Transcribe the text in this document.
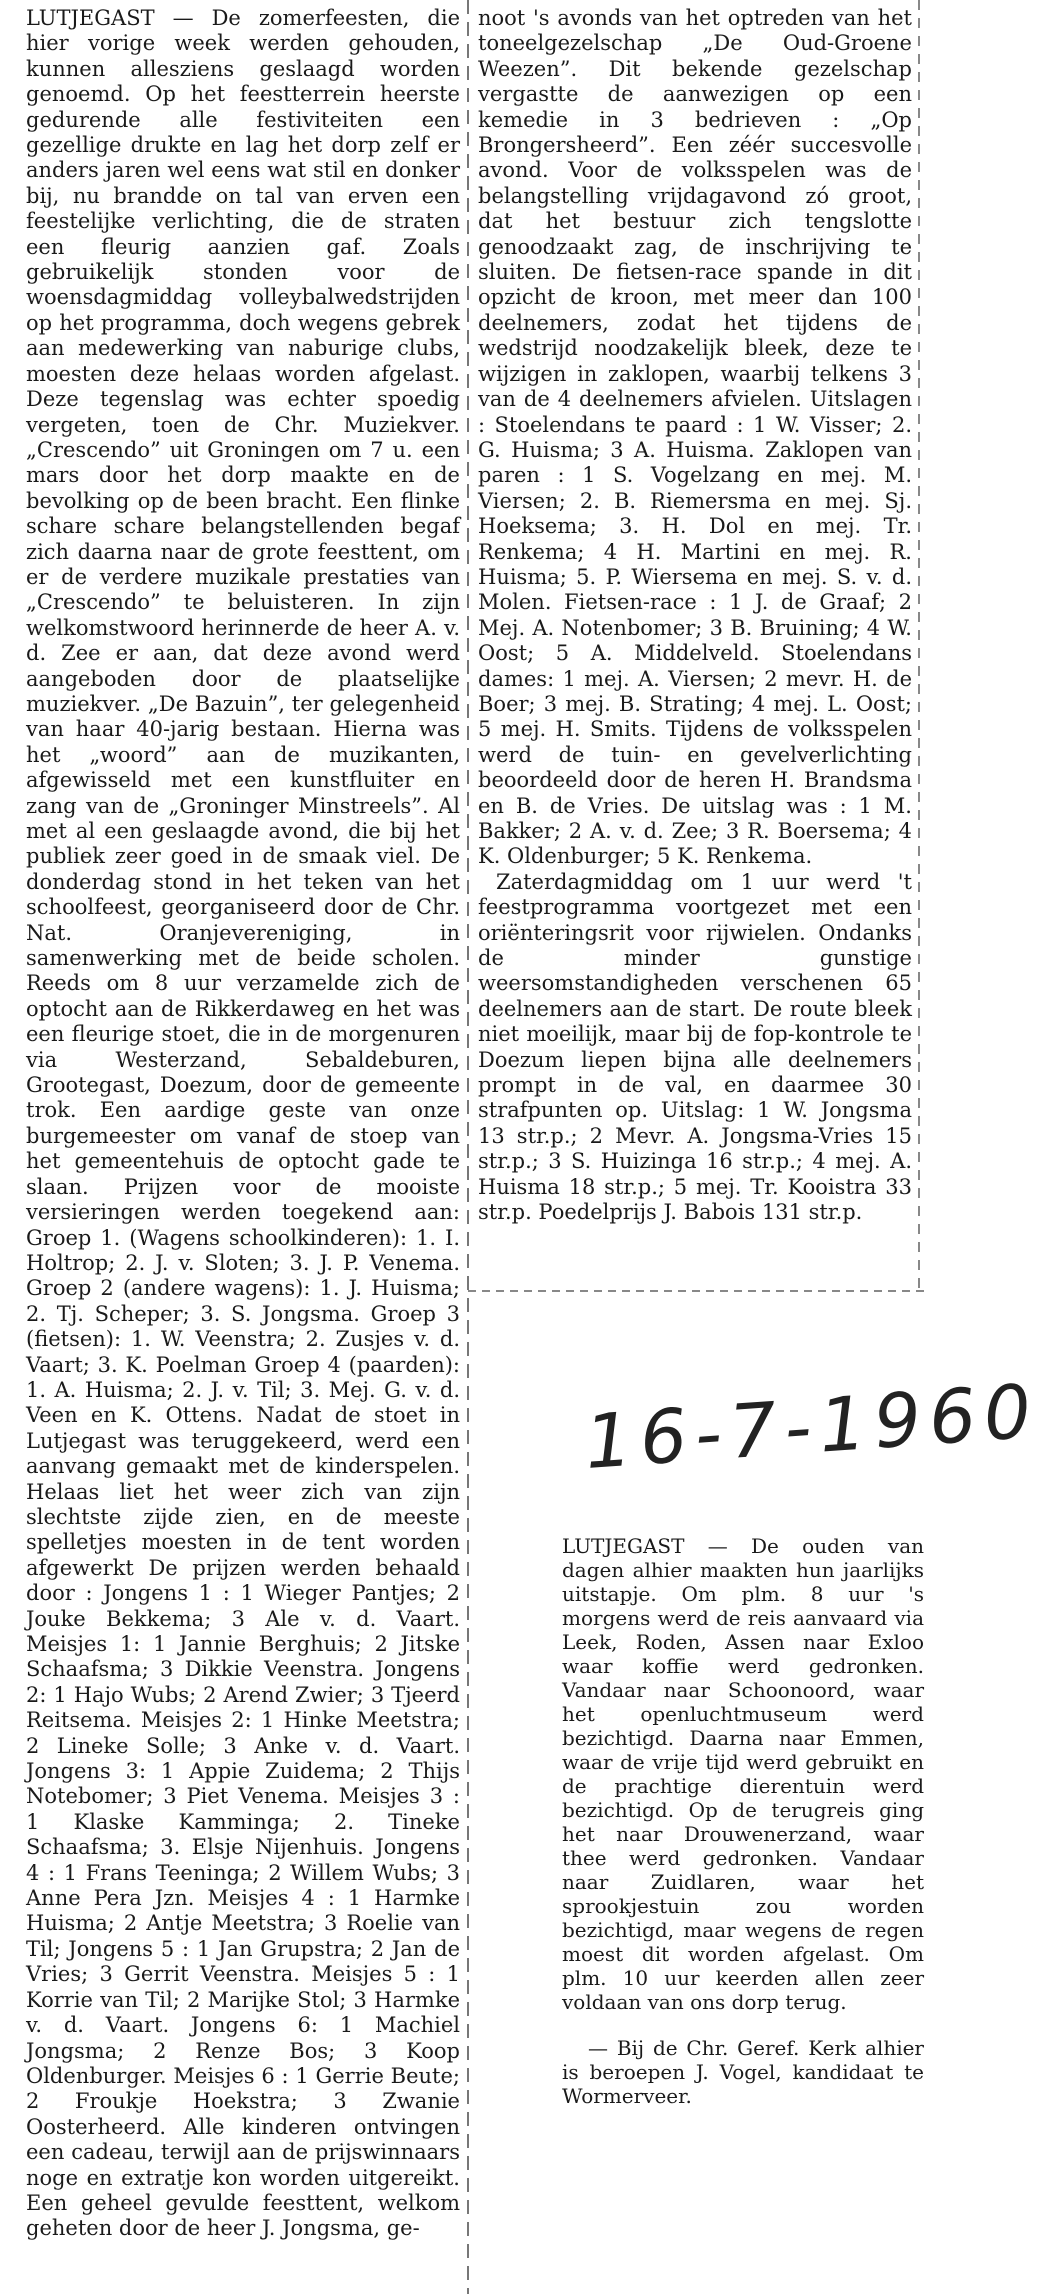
LUTJEGAST — De zomerfeesten, die hier vorige week werden gehouden, kunnen allesziens geslaagd worden genoemd. Op het feestterrein heerste gedurende alle festiviteiten een gezellige drukte en lag het dorp zelf er anders jaren wel eens wat stil en donker bij, nu brandde on tal van erven een feestelijke verlichting, die de straten een fleurig aanzien gaf. Zoals gebruikelijk stonden voor de woensdagmiddag volleybalwedstrijden op het programma, doch wegens gebrek aan medewerking van naburige clubs, moesten deze helaas worden afgelast. Deze tegenslag was echter spoedig vergeten, toen de Chr. Muziekver. „Crescendo” uit Groningen om 7 u. een mars door het dorp maakte en de bevolking op de been bracht. Een flinke schare schare belangstellenden begaf zich daarna naar de grote feesttent, om er de verdere muzikale prestaties van „Crescendo” te beluisteren. In zijn welkomstwoord herinnerde de heer A. v. d. Zee er aan, dat deze avond werd aangeboden door de plaatselijke muziekver. „De Bazuin”, ter gelegenheid van haar 40-jarig bestaan. Hierna was het „woord” aan de muzikanten, afgewisseld met een kunstfluiter en zang van de „Groninger Minstreels”. Al met al een geslaagde avond, die bij het publiek zeer goed in de smaak viel. De donderdag stond in het teken van het schoolfeest, georganiseerd door de Chr. Nat. Oranjevereniging, in samenwerking met de beide scholen. Reeds om 8 uur verzamelde zich de optocht aan de Rikkerdaweg en het was een fleurige stoet, die in de morgenuren via Westerzand, Sebaldeburen, Grootegast, Doezum, door de gemeente trok. Een aardige geste van onze burgemeester om vanaf de stoep van het gemeentehuis de optocht gade te slaan. Prijzen voor de mooiste versieringen werden toegekend aan: Groep 1. (Wagens schoolkinderen): 1. I. Holtrop; 2. J. v. Sloten; 3. J. P. Venema. Groep 2 (andere wagens): 1. J. Huisma; 2. Tj. Scheper; 3. S. Jongsma. Groep 3 (fietsen): 1. W. Veenstra; 2. Zusjes v. d. Vaart; 3. K. Poelman Groep 4 (paarden): 1. A. Huisma; 2. J. v. Til; 3. Mej. G. v. d. Veen en K. Ottens. Nadat de stoet in Lutjegast was teruggekeerd, werd een aanvang gemaakt met de kinderspelen. Helaas liet het weer zich van zijn slechtste zijde zien, en de meeste spelletjes moesten in de tent worden afgewerkt De prijzen werden behaald door : Jongens 1 : 1 Wieger Pantjes; 2 Jouke Bekkema; 3 Ale v. d. Vaart. Meisjes 1: 1 Jannie Berghuis; 2 Jitske Schaafsma; 3 Dikkie Veenstra. Jongens 2: 1 Hajo Wubs; 2 Arend Zwier; 3 Tjeerd Reitsema. Meisjes 2: 1 Hinke Meetstra; 2 Lineke Solle; 3 Anke v. d. Vaart. Jongens 3: 1 Appie Zuidema; 2 Thijs Notebomer; 3 Piet Venema. Meisjes 3 : 1 Klaske Kamminga; 2. Tineke Schaafsma; 3. Elsje Nijenhuis. Jongens 4 : 1 Frans Teeninga; 2 Willem Wubs; 3 Anne Pera Jzn. Meisjes 4 : 1 Harmke Huisma; 2 Antje Meetstra; 3 Roelie van Til; Jongens 5 : 1 Jan Grupstra; 2 Jan de Vries; 3 Gerrit Veenstra. Meisjes 5 : 1 Korrie van Til; 2 Marijke Stol; 3 Harmke v. d. Vaart. Jongens 6: 1 Machiel Jongsma; 2 Renze Bos; 3 Koop Oldenburger. Meisjes 6 : 1 Gerrie Beute; 2 Froukje Hoekstra; 3 Zwanie Oosterheerd. Alle kinderen ontvingen een cadeau, terwijl aan de prijswinnaars noge en extratje kon worden uitgereikt. Een geheel gevulde feesttent, welkom geheten door de heer J. Jongsma, ge-

noot 's avonds van het optreden van het toneelgezelschap „De Oud-Groene Weezen”. Dit bekende gezelschap vergastte de aanwezigen op een kemedie in 3 bedrieven : „Op Brongersheerd”. Een zéér succesvolle avond. Voor de volksspelen was de belangstelling vrijdagavond zó groot, dat het bestuur zich tengslotte genoodzaakt zag, de inschrijving te sluiten. De fietsen-race spande in dit opzicht de kroon, met meer dan 100 deelnemers, zodat het tijdens de wedstrijd noodzakelijk bleek, deze te wijzigen in zaklopen, waarbij telkens 3 van de 4 deelnemers afvielen. Uitslagen : Stoelendans te paard : 1 W. Visser; 2. G. Huisma; 3 A. Huisma. Zaklopen van paren : 1 S. Vogelzang en mej. M. Viersen; 2. B. Riemersma en mej. Sj. Hoeksema; 3. H. Dol en mej. Tr. Renkema; 4 H. Martini en mej. R. Huisma; 5. P. Wiersema en mej. S. v. d. Molen. Fietsen-race : 1 J. de Graaf; 2 Mej. A. Notenbomer; 3 B. Bruining; 4 W. Oost; 5 A. Middelveld. Stoelendans dames: 1 mej. A. Viersen; 2 mevr. H. de Boer; 3 mej. B. Strating; 4 mej. L. Oost; 5 mej. H. Smits. Tijdens de volksspelen werd de tuin- en gevelverlichting beoordeeld door de heren H. Brandsma en B. de Vries. De uitslag was : 1 M. Bakker; 2 A. v. d. Zee; 3 R. Boersema; 4 K. Oldenburger; 5 K. Renkema.

Zaterdagmiddag om 1 uur werd 't feestprogramma voortgezet met een oriënteringsrit voor rijwielen. Ondanks de minder gunstige weersomstandigheden verschenen 65 deelnemers aan de start. De route bleek niet moeilijk, maar bij de fop-kontrole te Doezum liepen bijna alle deelnemers prompt in de val, en daarmee 30 strafpunten op. Uitslag: 1 W. Jongsma 13 str.p.; 2 Mevr. A. Jongsma-Vries 15 str.p.; 3 S. Huizinga 16 str.p.; 4 mej. A. Huisma 18 str.p.; 5 mej. Tr. Kooistra 33 str.p. Poedelprijs J. Babois 131 str.p.

16-7-1960

LUTJEGAST — De ouden van dagen alhier maakten hun jaarlijks uitstapje. Om plm. 8 uur 's morgens werd de reis aanvaard via Leek, Roden, Assen naar Exloo waar koffie werd gedronken. Vandaar naar Schoonoord, waar het openluchtmuseum werd bezichtigd. Daarna naar Emmen, waar de vrije tijd werd gebruikt en de prachtige dierentuin werd bezichtigd. Op de terugreis ging het naar Drouwenerzand, waar thee werd gedronken. Vandaar naar Zuidlaren, waar het sprookjestuin zou worden bezichtigd, maar wegens de regen moest dit worden afgelast. Om plm. 10 uur keerden allen zeer voldaan van ons dorp terug.

— Bij de Chr. Geref. Kerk alhier is beroepen J. Vogel, kandidaat te Wormerveer.
